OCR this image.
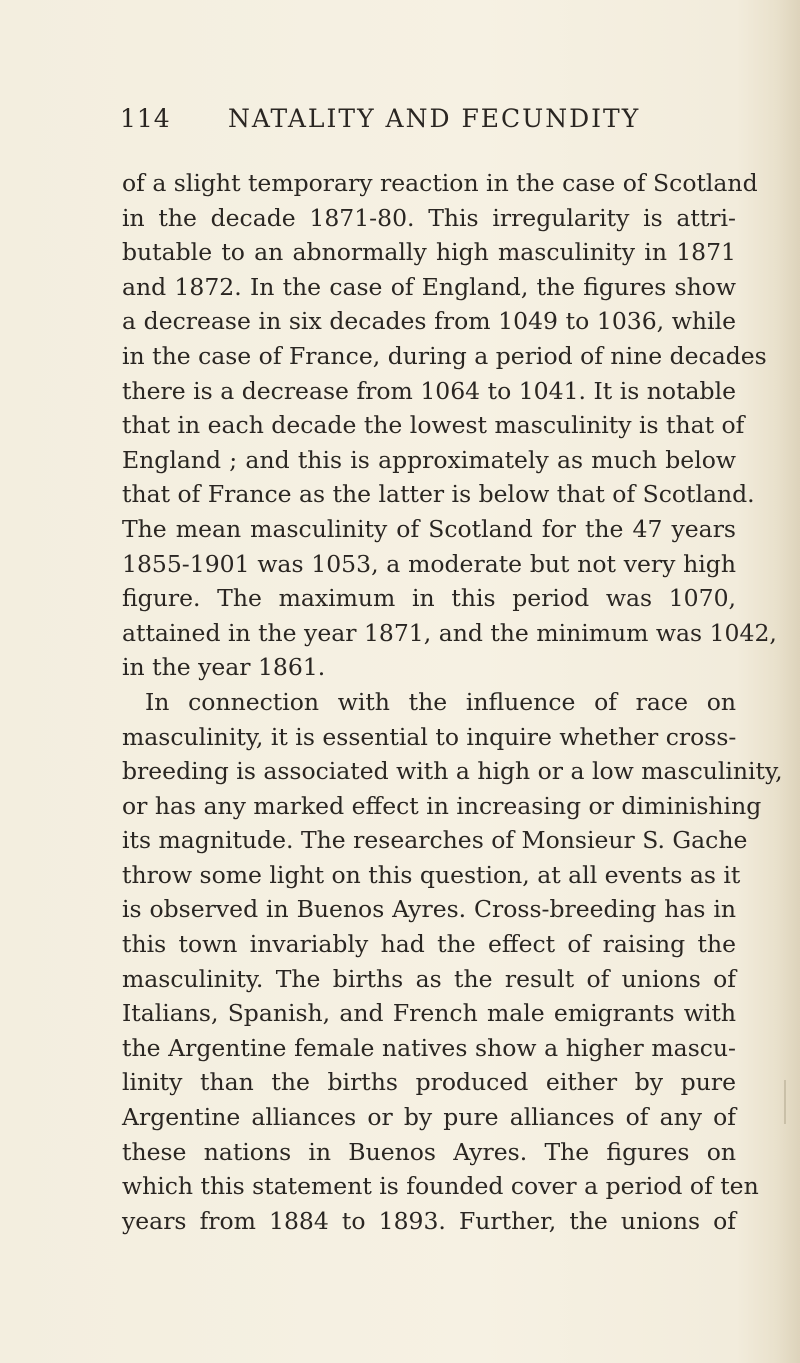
114 NATALITY AND FECUNDITY
of a slight temporary reaction in the case of Scotland
in the decade 1871-80. This irregularity is attri-
butable to an abnormally high masculinity in 1871
and 1872. In the case of England, the figures show
a decrease in six decades from 1049 to 1036, while
in the case of France, during a period of nine decades
there is a decrease from 1064 to 1041. It is notable
that in each decade the lowest masculinity is that of
England ; and this is approximately as much below
that of France as the latter is below that of Scotland.
The mean masculinity of Scotland for the 47 years
1855-1901 was 1053, a moderate but not very high
figure. The maximum in this period was 1070,
attained in the year 1871, and the minimum was 1042,
in the year 1861.
In connection with the influence of race on
masculinity, it is essential to inquire whether cross-
breeding is associated with a high or a low masculinity,
or has any marked effect in increasing or diminishing
its magnitude. The researches of Monsieur S. Gache
throw some light on this question, at all events as it
is observed in Buenos Ayres. Cross-breeding has in
this town invariably had the effect of raising the
masculinity. The births as the result of unions of
Italians, Spanish, and French male emigrants with
the Argentine female natives show a higher mascu-
linity than the births produced either by pure
Argentine alliances or by pure alliances of any of
these nations in Buenos Ayres. The figures on
which this statement is founded cover a period of ten
years from 1884 to 1893. Further, the unions of
